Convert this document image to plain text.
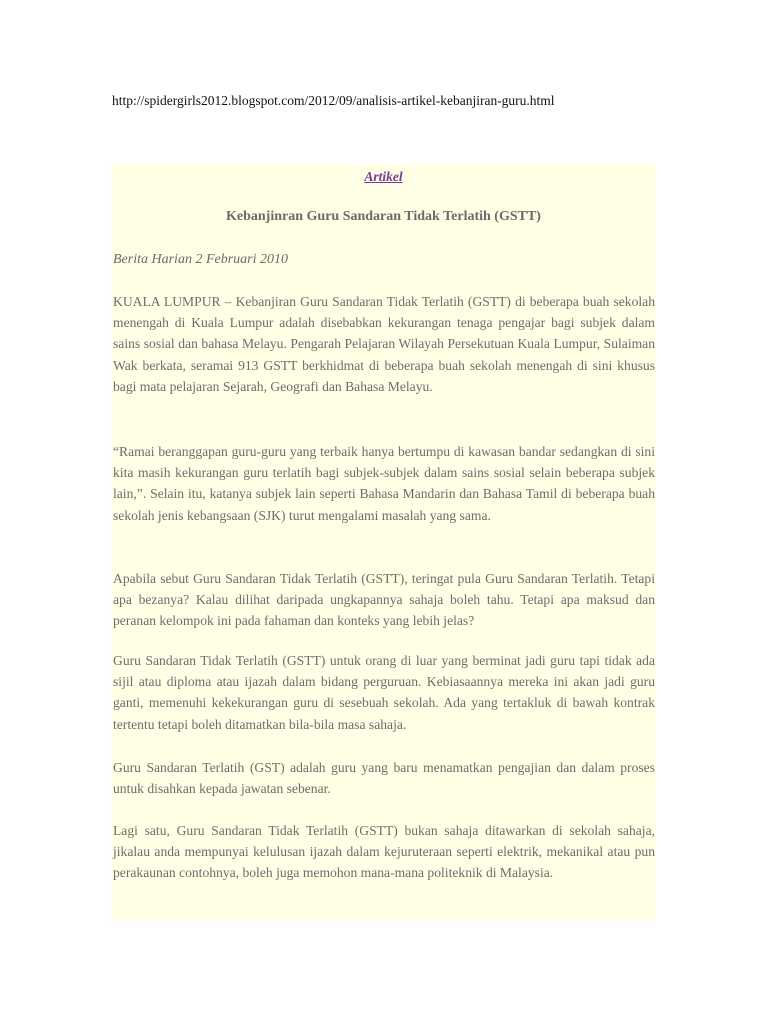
http://spidergirls2012.blogspot.com/2012/09/analisis-artikel-kebanjiran-guru.html
Artikel
Kebanjinran Guru Sandaran Tidak Terlatih (GSTT)
Berita Harian 2 Februari 2010

KUALA LUMPUR – Kebanjiran Guru Sandaran Tidak Terlatih (GSTT) di beberapa buah sekolah menengah di Kuala Lumpur adalah disebabkan kekurangan tenaga pengajar bagi subjek dalam sains sosial dan bahasa Melayu. Pengarah Pelajaran Wilayah Persekutuan Kuala Lumpur, Sulaiman Wak berkata, seramai 913 GSTT berkhidmat di beberapa buah sekolah menengah di sini khusus bagi mata pelajaran Sejarah, Geografi dan Bahasa Melayu.

“Ramai beranggapan guru-guru yang terbaik hanya bertumpu di kawasan bandar sedangkan di sini kita masih kekurangan guru terlatih bagi subjek-subjek dalam sains sosial selain beberapa subjek lain,”. Selain itu, katanya subjek lain seperti Bahasa Mandarin dan Bahasa Tamil di beberapa buah sekolah jenis kebangsaan (SJK) turut mengalami masalah yang sama.

Apabila sebut Guru Sandaran Tidak Terlatih (GSTT), teringat pula Guru Sandaran Terlatih. Tetapi apa bezanya? Kalau dilihat daripada ungkapannya sahaja boleh tahu. Tetapi apa maksud dan peranan kelompok ini pada fahaman dan konteks yang lebih jelas?

Guru Sandaran Tidak Terlatih (GSTT) untuk orang di luar yang berminat jadi guru tapi tidak ada sijil atau diploma atau ijazah dalam bidang perguruan. Kebiasaannya mereka ini akan jadi guru ganti, memenuhi kekekurangan guru di sesebuah sekolah. Ada yang tertakluk di bawah kontrak tertentu tetapi boleh ditamatkan bila-bila masa sahaja.

Guru Sandaran Terlatih (GST) adalah guru yang baru menamatkan pengajian dan dalam proses untuk disahkan kepada jawatan sebenar.

Lagi satu, Guru Sandaran Tidak Terlatih (GSTT) bukan sahaja ditawarkan di sekolah sahaja, jikalau anda mempunyai kelulusan ijazah dalam kejuruteraan seperti elektrik, mekanikal atau pun perakaunan contohnya, boleh juga memohon mana-mana politeknik di Malaysia.
